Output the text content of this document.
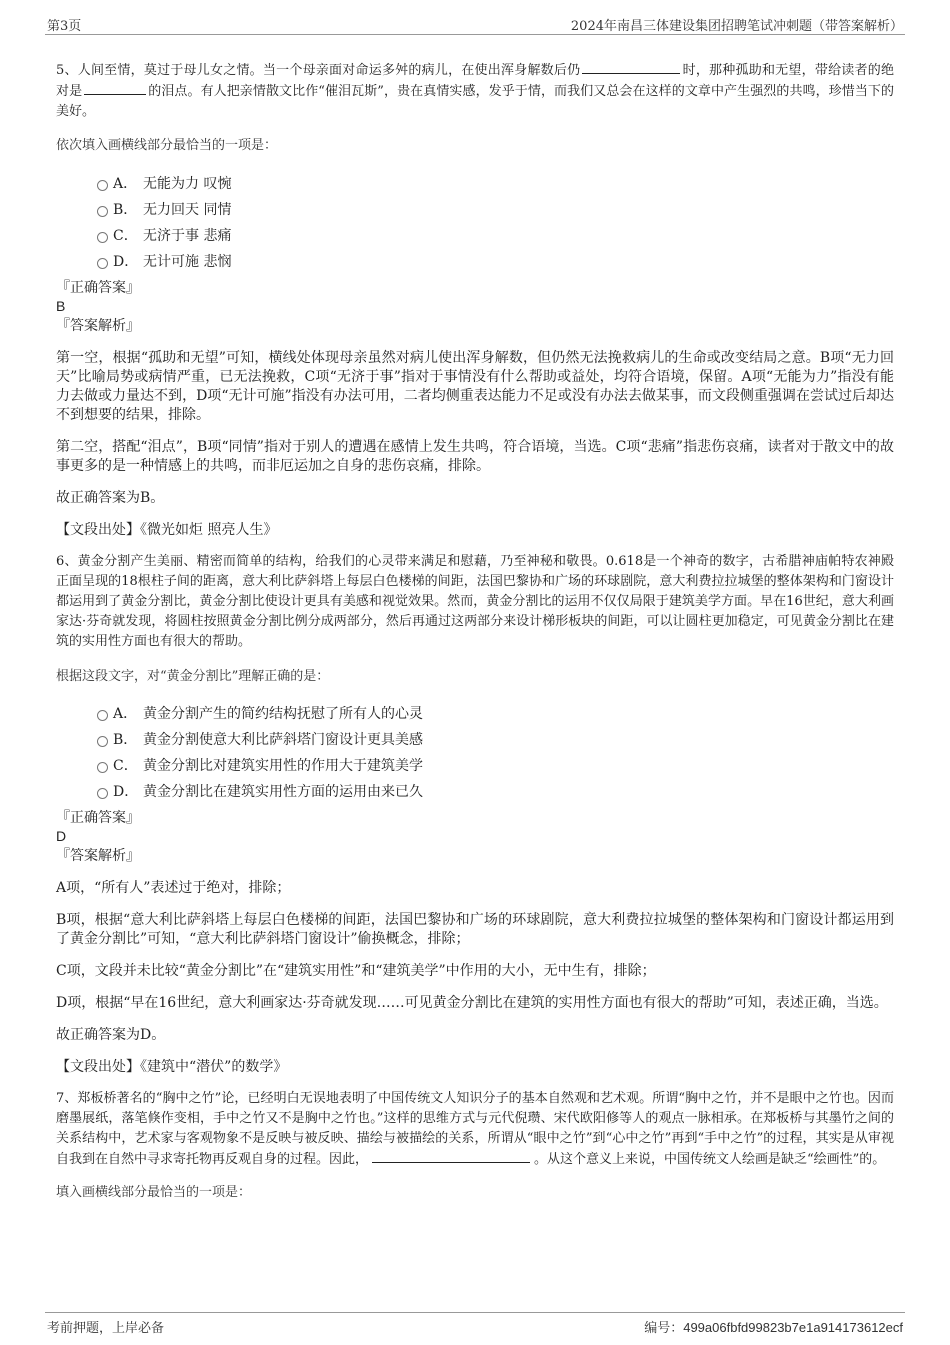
第3页	2024年南昌三体建设集团招聘笔试冲刺题（带答案解析）

5、人间至情，莫过于母儿女之情。当一个母亲面对命运多舛的病儿，在使出浑身解数后仍	时，那种孤助和无望，带给读者的绝对是	的泪点。有人把亲情散文比作“催泪瓦斯”，贵在真情实感，发乎于情，而我们又总会在这样的文章中产生强烈的共鸣，珍惜当下的美好。

依次填入画横线部分最恰当的一项是：

A． 无能为力 叹惋
B． 无力回天 同情
C． 无济于事 悲痛
D． 无计可施 悲悯

『正确答案』

B

『答案解析』

第一空，根据“孤助和无望”可知，横线处体现母亲虽然对病儿使出浑身解数，但仍然无法挽救病儿的生命或改变结局之意。B项“无力回天”比喻局势或病情严重，已无法挽救，C项“无济于事”指对于事情没有什么帮助或益处，均符合语境，保留。A项“无能为力”指没有能力去做或力量达不到，D项“无计可施”指没有办法可用，二者均侧重表达能力不足或没有办法去做某事，而文段侧重强调在尝试过后却达不到想要的结果，排除。

第二空，搭配“泪点”，B项“同情”指对于别人的遭遇在感情上发生共鸣，符合语境，当选。C项“悲痛”指悲伤哀痛，读者对于散文中的故事更多的是一种情感上的共鸣，而非厄运加之自身的悲伤哀痛，排除。

故正确答案为B。

【文段出处】《微光如炬 照亮人生》

6、黄金分割产生美丽、精密而简单的结构，给我们的心灵带来满足和慰藉，乃至神秘和敬畏。0.618是一个神奇的数字，古希腊神庙帕特农神殿正面呈现的18根柱子间的距离，意大利比萨斜塔上每层白色楼梯的间距，法国巴黎协和广场的环球剧院，意大利费拉拉城堡的整体架构和门窗设计都运用到了黄金分割比，黄金分割比使设计更具有美感和视觉效果。然而，黄金分割比的运用不仅仅局限于建筑美学方面。早在16世纪，意大利画家达·芬奇就发现，将圆柱按照黄金分割比例分成两部分，然后再通过这两部分来设计梯形板块的间距，可以让圆柱更加稳定，可见黄金分割比在建筑的实用性方面也有很大的帮助。

根据这段文字，对“黄金分割比”理解正确的是：

A． 黄金分割产生的简约结构抚慰了所有人的心灵
B． 黄金分割使意大利比萨斜塔门窗设计更具美感
C． 黄金分割比对建筑实用性的作用大于建筑美学
D． 黄金分割比在建筑实用性方面的运用由来已久

『正确答案』

D

『答案解析』

A项，“所有人”表述过于绝对，排除；

B项，根据“意大利比萨斜塔上每层白色楼梯的间距，法国巴黎协和广场的环球剧院，意大利费拉拉城堡的整体架构和门窗设计都运用到了黄金分割比”可知，“意大利比萨斜塔门窗设计”偷换概念，排除；

C项，文段并未比较“黄金分割比”在“建筑实用性”和“建筑美学”中作用的大小，无中生有，排除；

D项，根据“早在16世纪，意大利画家达·芬奇就发现……可见黄金分割比在建筑的实用性方面也有很大的帮助”可知，表述正确，当选。

故正确答案为D。

【文段出处】《建筑中“潜伏”的数学》

7、郑板桥著名的“胸中之竹”论，已经明白无误地表明了中国传统文人知识分子的基本自然观和艺术观。所谓“胸中之竹，并不是眼中之竹也。因而磨墨展纸，落笔倏作变相，手中之竹又不是胸中之竹也。”这样的思维方式与元代倪瓒、宋代欧阳修等人的观点一脉相承。在郑板桥与其墨竹之间的关系结构中，艺术家与客观物象不是反映与被反映、描绘与被描绘的关系，所谓从“眼中之竹”到“心中之竹”再到“手中之竹”的过程，其实是从审视自我到在自然中寻求寄托物再反观自身的过程。因此，	。从这个意义上来说，中国传统文人绘画是缺乏“绘画性”的。

填入画横线部分最恰当的一项是：

考前押题，上岸必备	编号：499a06fbfd99823b7e1a914173612ecf
